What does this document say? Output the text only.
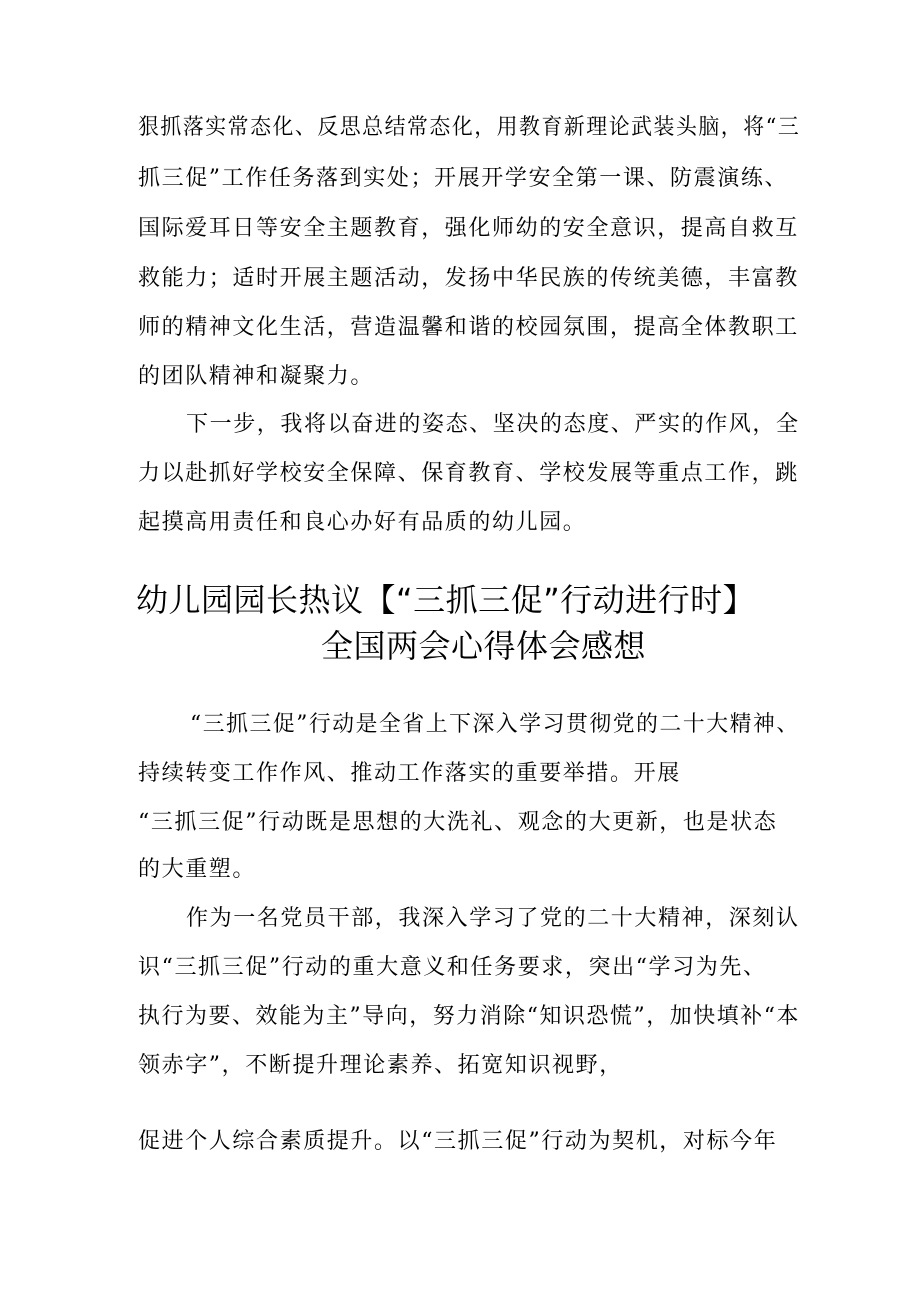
狠抓落实常态化、反思总结常态化，用教育新理论武装头脑，将“三
抓三促”工作任务落到实处；开展开学安全第一课、防震演练、
国际爱耳日等安全主题教育，强化师幼的安全意识，提高自救互
救能力；适时开展主题活动，发扬中华民族的传统美德，丰富教
师的精神文化生活，营造温馨和谐的校园氛围，提高全体教职工
的团队精神和凝聚力。
下一步，我将以奋进的姿态、坚决的态度、严实的作风，全
力以赴抓好学校安全保障、保育教育、学校发展等重点工作，跳
起摸高用责任和良心办好有品质的幼儿园。
幼儿园园长热议【“三抓三促”行动进行时】
全国两会心得体会感想
“三抓三促”行动是全省上下深入学习贯彻党的二十大精神、
持续转变工作作风、推动工作落实的重要举措。开展
“三抓三促”行动既是思想的大洗礼、观念的大更新，也是状态
的大重塑。
作为一名党员干部，我深入学习了党的二十大精神，深刻认
识“三抓三促”行动的重大意义和任务要求，突出“学习为先、
执行为要、效能为主”导向，努力消除“知识恐慌”，加快填补“本
领赤字”，不断提升理论素养、拓宽知识视野，
促进个人综合素质提升。以“三抓三促”行动为契机，对标今年
